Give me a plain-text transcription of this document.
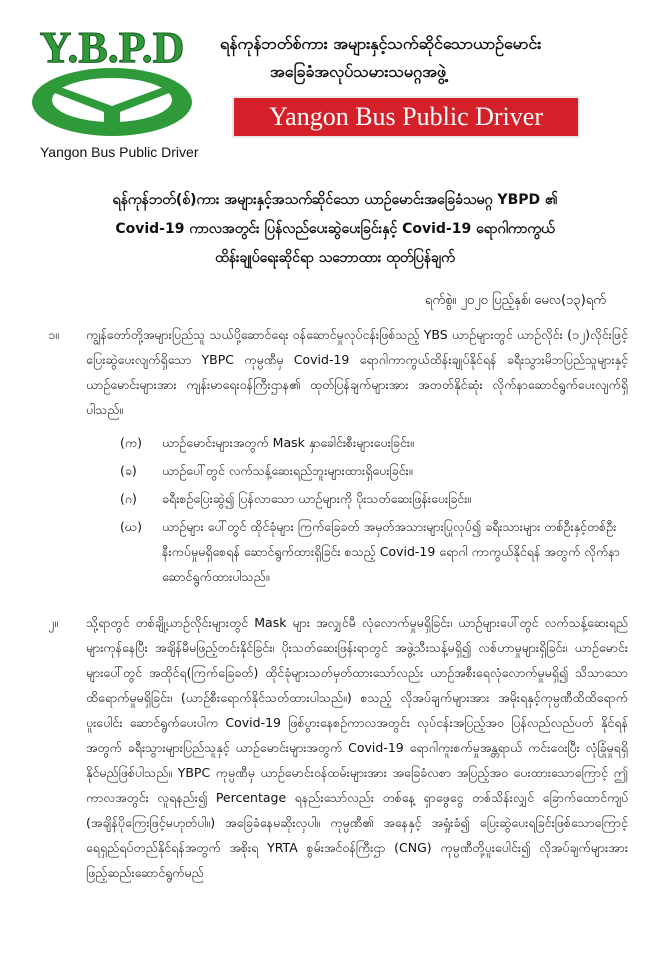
Y.B.P.D
Yangon Bus Public Driver
ရန်ကုန်ဘတ်စ်ကား အများနှင့်သက်ဆိုင်သောယာဉ်မောင်း
အခြေခံအလုပ်သမားသမဂ္ဂအဖွဲ့
Yangon Bus Public Driver
ရန်ကုန်ဘတ်(စ်)ကား အများနှင့်အသက်ဆိုင်သော ယာဉ်မောင်းအခြေခံသမဂ္ဂ YBPD ၏
Covid-19 ကာလအတွင်း ပြန်လည်ပေးဆွဲပေးခြင်းနှင့် Covid-19 ရောဂါကာကွယ်
ထိန်းချုပ်ရေးဆိုင်ရာ သဘောထား ထုတ်ပြန်ချက်
ရက်စွဲ။ ၂၀၂၀ ပြည့်နှစ်၊ မေလ(၁၃)ရက်
၁။	ကျွန်တော်တို့အများပြည်သူ သယ်ပို့ဆောင်ရေး ဝန်ဆောင်မှုလုပ်ငန်းဖြစ်သည့် YBS ယာဉ်များတွင် ယာဉ်လိုင်း (၁၂)လိုင်းဖြင့် ပြေးဆွဲပေးလျက်ရှိသော YBPC ကုမ္ပဏီမှ Covid-19 ရောဂါကာကွယ်ထိန်းချုပ်နိုင်ရန် ခရီးသွားမိဘပြည်သူများနှင့် ယာဉ်မောင်းများအား ကျန်းမာရေးဝန်ကြီးဌာန၏ ထုတ်ပြန်ချက်များအား အတတ်နိုင်ဆုံး လိုက်နာဆောင်ရွက်ပေးလျက်ရှိပါသည်။
(က) ယာဉ်မောင်းများအတွက် Mask နှာခေါင်းစီးများပေးခြင်း။
(ခ) ယာဉ်ပေါ်တွင် လက်သန့်ဆေးရည်ဘူးများထားရှိပေးခြင်း။
(ဂ) ခရီးစဉ်ပြေးဆွဲ၍ ပြန်လာသော ယာဉ်များကို ပိုးသတ်ဆေးဖြန်းပေးခြင်း။
(ဃ) ယာဉ်များ ပေါ်တွင် ထိုင်ခုံများ ကြက်ခြေခတ် အမှတ်အသားများပြုလုပ်၍ ခရီးသားများ တစ်ဦးနှင့်တစ်ဦးနီးကပ်မှုမရှိစေရန် ဆောင်ရွက်ထားရှိခြင်း စသည့် Covid-19 ရောဂါ ကာကွယ်နိုင်ရန် အတွက် လိုက်နာဆောင်ရွက်ထားပါသည်။
၂။	သို့ရာတွင် တစ်ချို့ယာဉ်လိုင်းများတွင် Mask များ အလျှင်မီ လုံလောက်မှုမရှိခြင်း၊ ယာဉ်များပေါ်တွင် လက်သန့်ဆေးရည်များကုန်နေပြီး အချိန်မီမဖြည့်တင်းနိုင်ခြင်း၊ ပိုးသတ်ဆေးဖြန်းရာတွင် အဖွဲ့သီးသန့်မရှိ၍ လစ်ဟာမှုများရှိခြင်း၊ ယာဉ်မောင်းများပေါ်တွင် အထိုင်ရ(ကြက်ခြေခတ်) ထိုင်ခုံများသတ်မှတ်ထားသော်လည်း ယာဉ်အစီးရေလုံလောက်မှုမရှိ၍ သိသာသော ထိရောက်မှုမရှိခြင်း၊ (ယာဉ်စီးရောက်နိုင်သတ်ထားပါသည်။) စသည့် လိုအပ်ချက်များအား အမိုးရနှင့်ကုမ္ပဏီထိထိရောက် ပူးပေါင်း ဆောင်ရွက်ပေးပါက Covid-19 ဖြစ်ပွားနေစဉ်ကာလအတွင်း လုပ်ငန်းအပြည့်အဝ ပြန်လည်လည်ပတ် နိုင်ရန်အတွက် ခရီးသွားများပြည်သူနှင့် ယာဉ်မောင်းများအတွက် Covid-19 ရောဂါကူးစက်မှုအန္တရာယ် ကင်းဝေးပြီး လုံခြုံမှုရရှိနိုင်မည်ဖြစ်ပါသည်။ YBPC ကုမ္ပဏီမှ ယာဉ်မောင်းဝန်ထမ်းများအား အခြေခံလစာ အပြည့်အဝ ပေးထားသောကြောင့် ဤကာလအတွင်း လူရနည်း၍ Percentage ရနည်းသော်လည်း တစ်နေ့ ရှာဖွေငွေ တစ်သိန်းလျှင် ခြောက်ထောင်ကျပ် (အချိန်ပိုကြေးဖြင့်မဟုတ်ပါ။) အခြေခံနေမဆိုးလှပါ။ ကုမ္ပဏီ၏ အနေနှင့် အရှုံးခံ၍ ပြေးဆွဲပေးရခြင်းဖြစ်သောကြောင့် ရေရှည်ရပ်တည်နိုင်ရန်အတွက် အစိုးရ YRTA စွမ်းအင်ဝန်ကြီးဌာ (CNG) ကုမ္ပဏီတို့ပူးပေါင်း၍ လိုအပ်ချက်များအား ဖြည့်ဆည်းဆောင်ရွက်မည်
